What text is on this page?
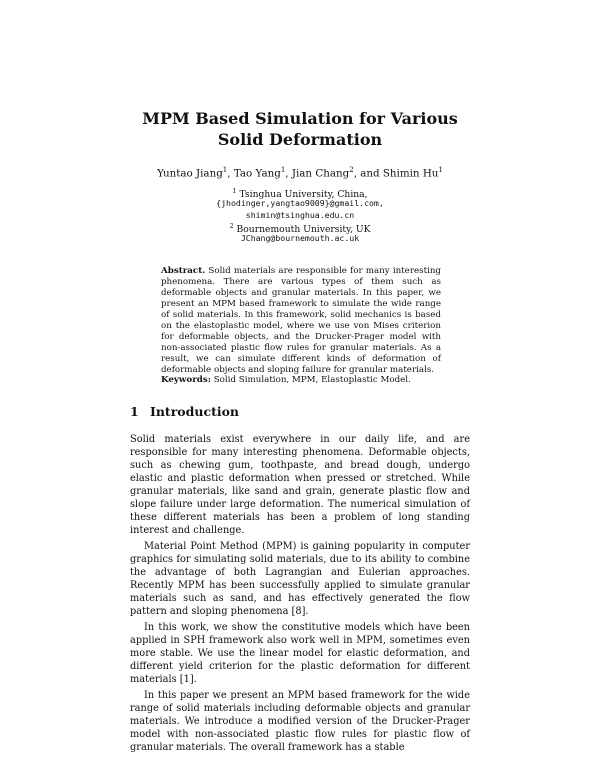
MPM Based Simulation for Various Solid Deformation
Yuntao Jiang$^1$, Tao Yang$^1$, Jian Chang$^2$, and Shimin Hu$^1$
$^1$ Tsinghua University, China,
{jhodinger,yangtao9009}@gmail.com,
shimin@tsinghua.edu.cn
$^2$ Bournemouth University, UK
JChang@bournemouth.ac.uk
Abstract. Solid materials are responsible for many interesting phenomena. There are various types of them such as deformable objects and granular materials. In this paper, we present an MPM based framework to simulate the wide range of solid materials. In this framework, solid mechanics is based on the elastoplastic model, where we use von Mises criterion for deformable objects, and the Drucker-Prager model with non-associated plastic flow rules for granular materials. As a result, we can simulate different kinds of deformation of deformable objects and sloping failure for granular materials.
Keywords: Solid Simulation, MPM, Elastoplastic Model.
1 Introduction

Solid materials exist everywhere in our daily life, and are responsible for many interesting phenomena. Deformable objects, such as chewing gum, toothpaste, and bread dough, undergo elastic and plastic deformation when pressed or stretched. While granular materials, like sand and grain, generate plastic flow and slope failure under large deformation. The numerical simulation of these different materials has been a problem of long standing interest and challenge.

Material Point Method (MPM) is gaining popularity in computer graphics for simulating solid materials, due to its ability to combine the advantage of both Lagrangian and Eulerian approaches. Recently MPM has been successfully applied to simulate granular materials such as sand, and has effectively generated the flow pattern and sloping phenomena [8].

In this work, we show the constitutive models which have been applied in SPH framework also work well in MPM, sometimes even more stable. We use the linear model for elastic deformation, and different yield criterion for the plastic deformation for different materials [1].

In this paper we present an MPM based framework for the wide range of solid materials including deformable objects and granular materials. We introduce a modified version of the Drucker-Prager model with non-associated plastic flow rules for plastic flow of granular materials. The overall framework has a stable
